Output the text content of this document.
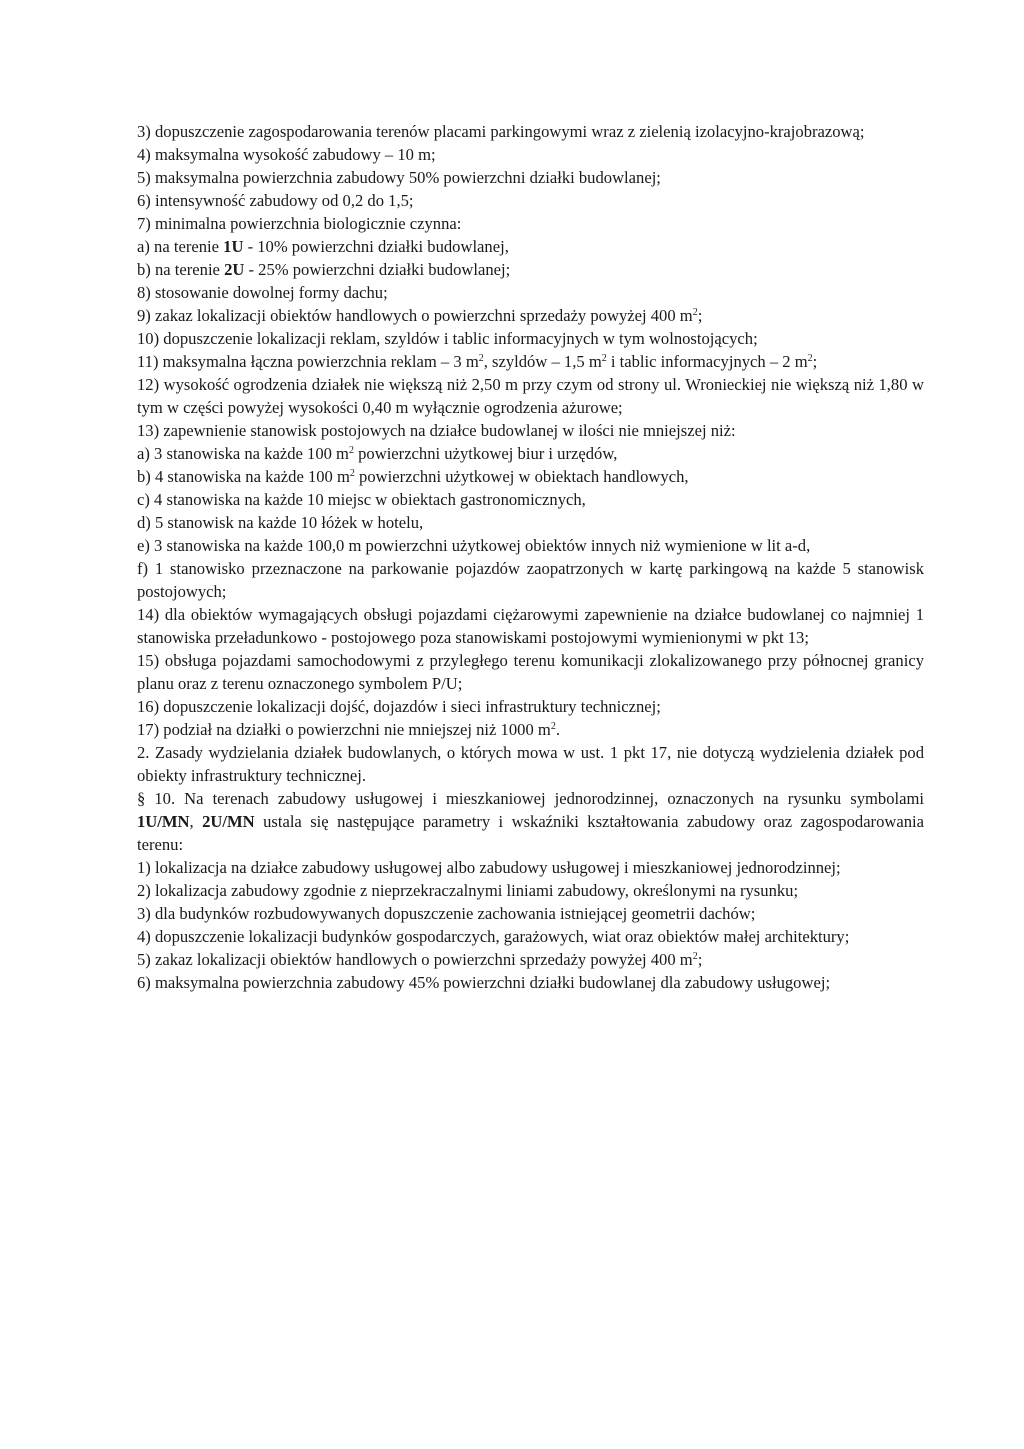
3) dopuszczenie zagospodarowania terenów placami parkingowymi wraz z zielenią izolacyjno-krajobrazową;

4) maksymalna wysokość zabudowy – 10 m;

5) maksymalna powierzchnia zabudowy 50% powierzchni działki budowlanej;

6) intensywność zabudowy od 0,2 do 1,5;

7) minimalna powierzchnia biologicznie czynna:

a) na terenie 1U - 10% powierzchni działki budowlanej,

b) na terenie 2U - 25% powierzchni działki budowlanej;

8) stosowanie dowolnej formy dachu;

9) zakaz lokalizacji obiektów handlowych o powierzchni sprzedaży powyżej 400 $m^2$;

10) dopuszczenie lokalizacji reklam, szyldów i tablic informacyjnych w tym wolnostojących;

11) maksymalna łączna powierzchnia reklam – 3 $m^2$, szyldów – 1,5 $m^2$ i tablic informacyjnych – 2 $m^2$;

12) wysokość ogrodzenia działek nie większą niż 2,50 m przy czym od strony ul. Wronieckiej nie większą niż 1,80 w tym w części powyżej wysokości 0,40 m wyłącznie ogrodzenia ażurowe;

13) zapewnienie stanowisk postojowych na działce budowlanej w ilości nie mniejszej niż:

a) 3 stanowiska na każde 100 $m^2$ powierzchni użytkowej biur i urzędów,

b) 4 stanowiska na każde 100 $m^2$ powierzchni użytkowej w obiektach handlowych,

c) 4 stanowiska na każde 10 miejsc w obiektach gastronomicznych,

d) 5 stanowisk na każde 10 łóżek w hotelu,

e) 3 stanowiska na każde 100,0 m powierzchni użytkowej obiektów innych niż wymienione w lit a-d,

f) 1 stanowisko przeznaczone na parkowanie pojazdów zaopatrzonych w kartę parkingową na każde 5 stanowisk postojowych;

14) dla obiektów wymagających obsługi pojazdami ciężarowymi zapewnienie na działce budowlanej co najmniej 1 stanowiska przeładunkowo - postojowego poza stanowiskami postojowymi wymienionymi w pkt 13;

15) obsługa pojazdami samochodowymi z przyległego terenu komunikacji zlokalizowanego przy północnej granicy planu oraz z terenu oznaczonego symbolem P/U;

16) dopuszczenie lokalizacji dojść, dojazdów i sieci infrastruktury technicznej;

17) podział na działki o powierzchni nie mniejszej niż 1000 $m^2$.

2. Zasady wydzielania działek budowlanych, o których mowa w ust. 1 pkt 17, nie dotyczą wydzielenia działek pod obiekty infrastruktury technicznej.

§ 10. Na terenach zabudowy usługowej i mieszkaniowej jednorodzinnej, oznaczonych na rysunku symbolami 1U/MN, 2U/MN ustala się następujące parametry i wskaźniki kształtowania zabudowy oraz zagospodarowania terenu:

1) lokalizacja na działce zabudowy usługowej albo zabudowy usługowej i mieszkaniowej jednorodzinnej;

2) lokalizacja zabudowy zgodnie z nieprzekraczalnymi liniami zabudowy, określonymi na rysunku;

3) dla budynków rozbudowywanych dopuszczenie zachowania istniejącej geometrii dachów;

4) dopuszczenie lokalizacji budynków gospodarczych, garażowych, wiat oraz obiektów małej architektury;

5) zakaz lokalizacji obiektów handlowych o powierzchni sprzedaży powyżej 400 $m^2$;

6) maksymalna powierzchnia zabudowy 45% powierzchni działki budowlanej dla zabudowy usługowej;
